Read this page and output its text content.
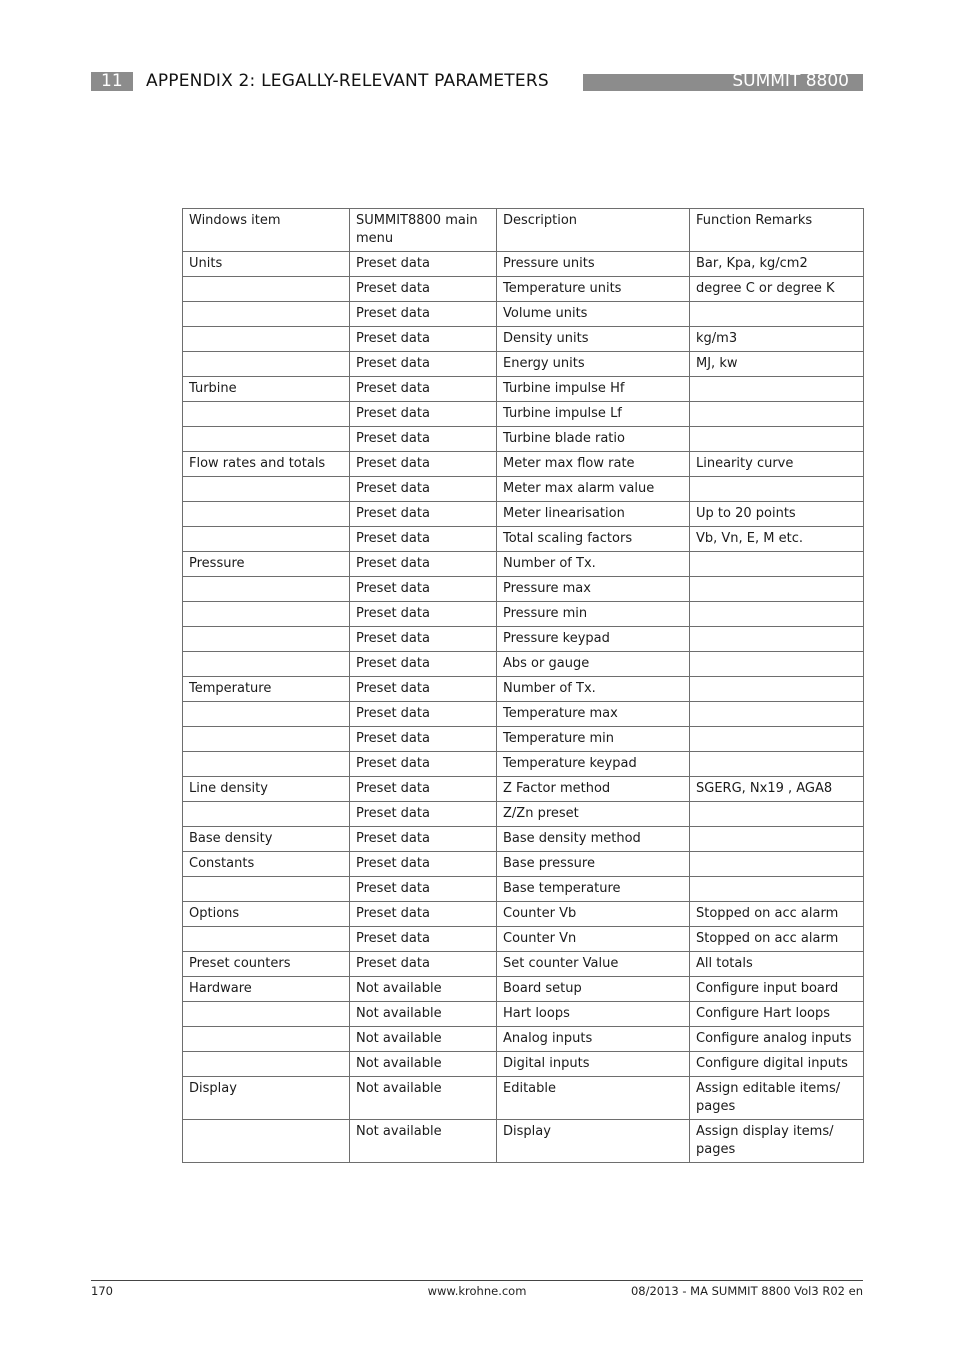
11 APPENDIX 2: LEGALLY-RELEVANT PARAMETERS	SUMMIT 8800
Windows item	SUMMIT8800 main menu	Description	Function Remarks
Units	Preset data	Pressure units	Bar, Kpa, kg/cm2
	Preset data	Temperature units	degree C or degree K
	Preset data	Volume units	
	Preset data	Density units	kg/m3
	Preset data	Energy units	MJ, kw
Turbine	Preset data	Turbine impulse Hf	
	Preset data	Turbine impulse Lf	
	Preset data	Turbine blade ratio	
Flow rates and totals	Preset data	Meter max flow rate	Linearity curve
	Preset data	Meter max alarm value	
	Preset data	Meter linearisation	Up to 20 points
	Preset data	Total scaling factors	Vb, Vn, E, M etc.
Pressure	Preset data	Number of Tx.	
	Preset data	Pressure max	
	Preset data	Pressure min	
	Preset data	Pressure keypad	
	Preset data	Abs or gauge	
Temperature	Preset data	Number of Tx.	
	Preset data	Temperature max	
	Preset data	Temperature min	
	Preset data	Temperature keypad	
Line density	Preset data	Z Factor method	SGERG, Nx19 , AGA8
	Preset data	Z/Zn preset	
Base density	Preset data	Base density method	
Constants	Preset data	Base pressure	
	Preset data	Base temperature	
Options	Preset data	Counter Vb	Stopped on acc alarm
	Preset data	Counter Vn	Stopped on acc alarm
Preset counters	Preset data	Set counter Value	All totals
Hardware	Not available	Board setup	Configure input board
	Not available	Hart loops	Configure Hart loops
	Not available	Analog inputs	Configure analog inputs
	Not available	Digital inputs	Configure digital inputs
Display	Not available	Editable	Assign editable items/ pages
	Not available	Display	Assign display items/ pages
170	www.krohne.com	08/2013 - MA SUMMIT 8800 Vol3 R02 en
